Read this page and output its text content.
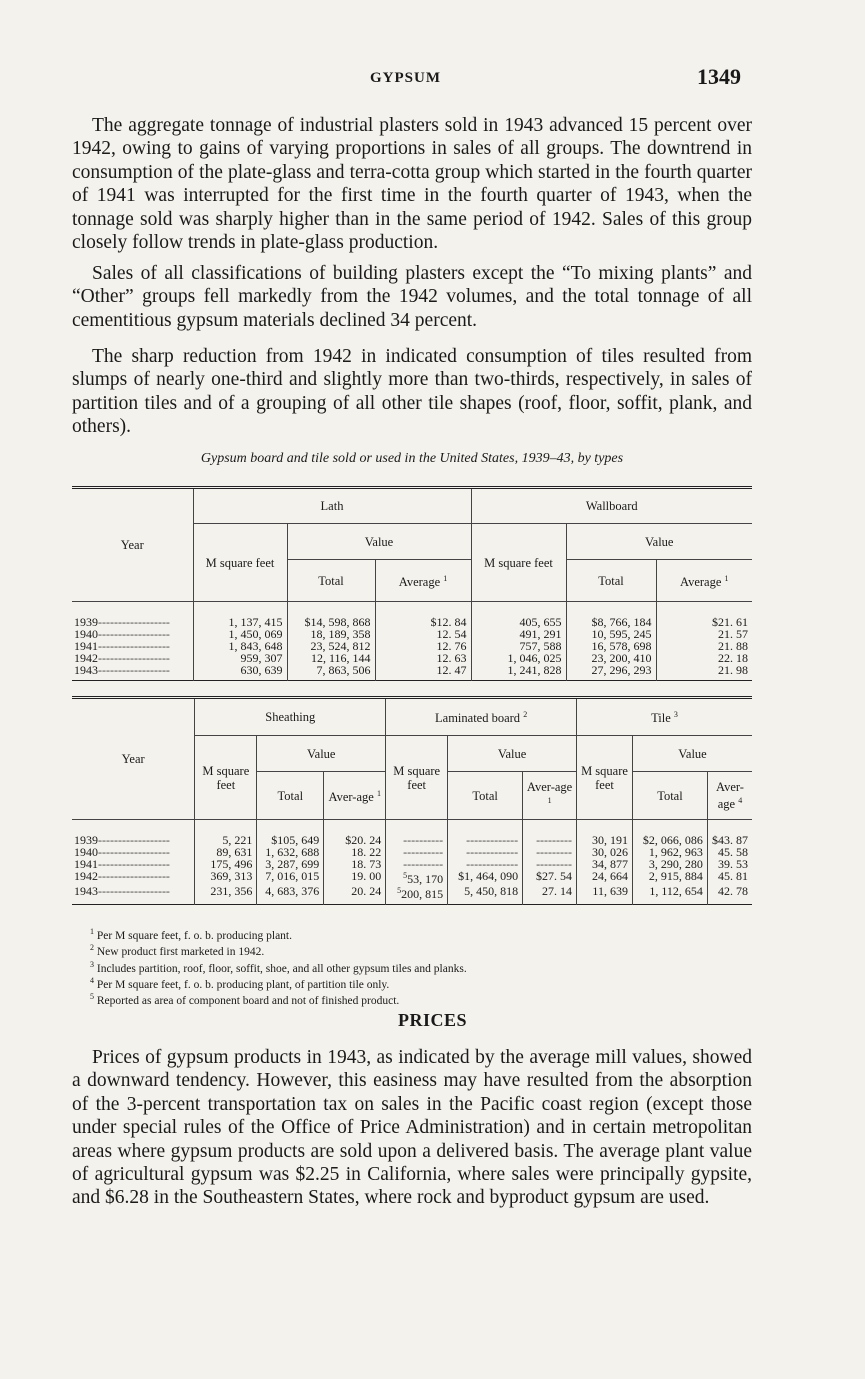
GYPSUM	1349

The aggregate tonnage of industrial plasters sold in 1943 advanced 15 percent over 1942, owing to gains of varying proportions in sales of all groups. The downtrend in consumption of the plate-glass and terra-cotta group which started in the fourth quarter of 1941 was interrupted for the first time in the fourth quarter of 1943, when the tonnage sold was sharply higher than in the same period of 1942. Sales of this group closely follow trends in plate-glass production.

Sales of all classifications of building plasters except the “To mixing plants” and “Other” groups fell markedly from the 1942 volumes, and the total tonnage of all cementitious gypsum materials declined 34 percent.

The sharp reduction from 1942 in indicated consumption of tiles resulted from slumps of nearly one-third and slightly more than two-thirds, respectively, in sales of partition tiles and of a grouping of all other tile shapes (roof, floor, soffit, plank, and others).

Gypsum board and tile sold or used in the United States, 1939–43, by types
Year	Lath			Wallboard		
	M square feet	Value		M square feet	Value	
		Total	Average $^1$		Total	Average $^1$
1939 -----	1, 137, 415	$14, 598, 868	$12. 84	405, 655	$8, 766, 184	$21. 61
1940 -----	1, 450, 069	18, 189, 358	12. 54	491, 291	10, 595, 245	21. 57
1941 -----	1, 843, 648	23, 524, 812	12. 76	757, 588	16, 578, 698	21. 88
1942 -----	959, 307	12, 116, 144	12. 63	1, 046, 025	23, 200, 410	22. 18
1943 -----	630, 639	7, 863, 506	12. 47	1, 241, 828	27, 296, 293	21. 98
Year	Sheathing			Laminated board $^2$			Tile $^3$
	M square feet	Value		M square feet	Value		M square feet	Value	
		Total	Aver-age $^1$		Total	Aver-age $^1$		Total	Aver-age $^4$
1939 -----	5, 221	$105, 649	$20. 24	----------	-------------	---------	30, 191	$2, 066, 086	$43. 87
1940 -----	89, 631	1, 632, 688	18. 22	----------	-------------	---------	30, 026	1, 962, 963	45. 58
1941 -----	175, 496	3, 287, 699	18. 73	----------	-------------	---------	34, 877	3, 290, 280	39. 53
1942 -----	369, 313	7, 016, 015	19. 00	$^5$53, 170	$1, 464, 090	$27. 54	24, 664	2, 915, 884	45. 81
1943 -----	231, 356	4, 683, 376	20. 24	$^5$200, 815	5, 450, 818	27. 14	11, 639	1, 112, 654	42. 78
$^1$ Per M square feet, f. o. b. producing plant.
$^2$ New product first marketed in 1942.
$^3$ Includes partition, roof, floor, soffit, shoe, and all other gypsum tiles and planks.
$^4$ Per M square feet, f. o. b. producing plant, of partition tile only.
$^5$ Reported as area of component board and not of finished product.
PRICES

Prices of gypsum products in 1943, as indicated by the average mill values, showed a downward tendency. However, this easiness may have resulted from the absorption of the 3-percent transportation tax on sales in the Pacific coast region (except those under special rules of the Office of Price Administration) and in certain metropolitan areas where gypsum products are sold upon a delivered basis. The average plant value of agricultural gypsum was $2.25 in California, where sales were principally gypsite, and $6.28 in the Southeastern States, where rock and byproduct gypsum are used.
